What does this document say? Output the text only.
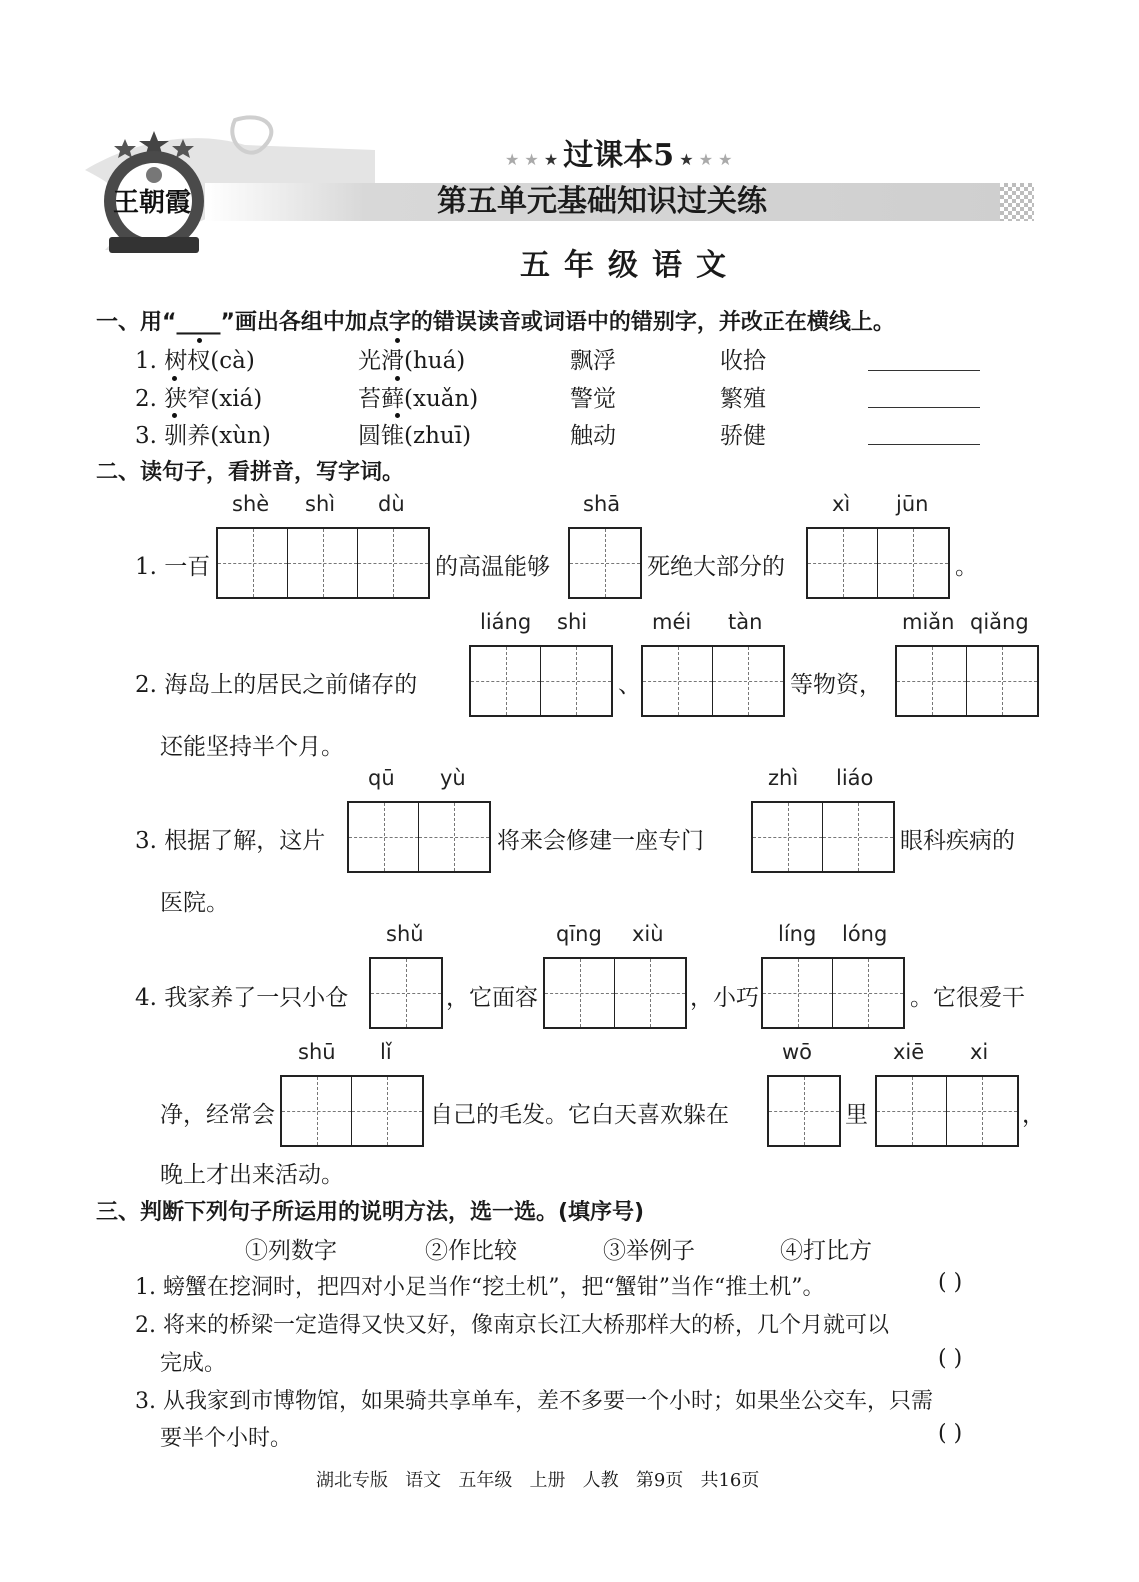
王朝霞
★ ★ ★ 过课本5 ★ ★ ★
第五单元基础知识过关练
五年级语文
一、用“____”画出各组中加点字的错误读音或词语中的错别字，并改正在横线上。
1. 树杈(cà)	光滑(huá)	飘浮	收拾
2. 狭窄(xiá)	苔藓(xuǎn)	警觉	繁殖
3. 驯养(xùn)	圆锥(zhuī)	触动	骄健
二、读句子，看拼音，写字词。
shè shì dù	shā	xì jūn
1. 一百	的高温能够	死绝大部分的	。
liáng shi	méi tàn	miǎn qiǎng
2. 海岛上的居民之前储存的	、	等物资，
还能坚持半个月。
qū yù	zhì liáo
3. 根据了解，这片	将来会修建一座专门	眼科疾病的
医院。
shǔ	qīng xiù	líng lóng
4. 我家养了一只小仓	，它面容	，小巧	。它很爱干
shū lǐ	wō	xiē xi
净，经常会	自己的毛发。它白天喜欢躲在	里	，
晚上才出来活动。
三、判断下列句子所运用的说明方法，选一选。(填序号)
①列数字	②作比较	③举例子	④打比方
1. 螃蟹在挖洞时，把四对小足当作“挖土机”，把“蟹钳”当作“推土机”。	( )
2. 将来的桥梁一定造得又快又好，像南京长江大桥那样大的桥，几个月就可以
完成。	( )
3. 从我家到市博物馆，如果骑共享单车，差不多要一个小时；如果坐公交车，只需
要半个小时。	( )
湖北专版   语文   五年级   上册   人教   第9页   共16页
